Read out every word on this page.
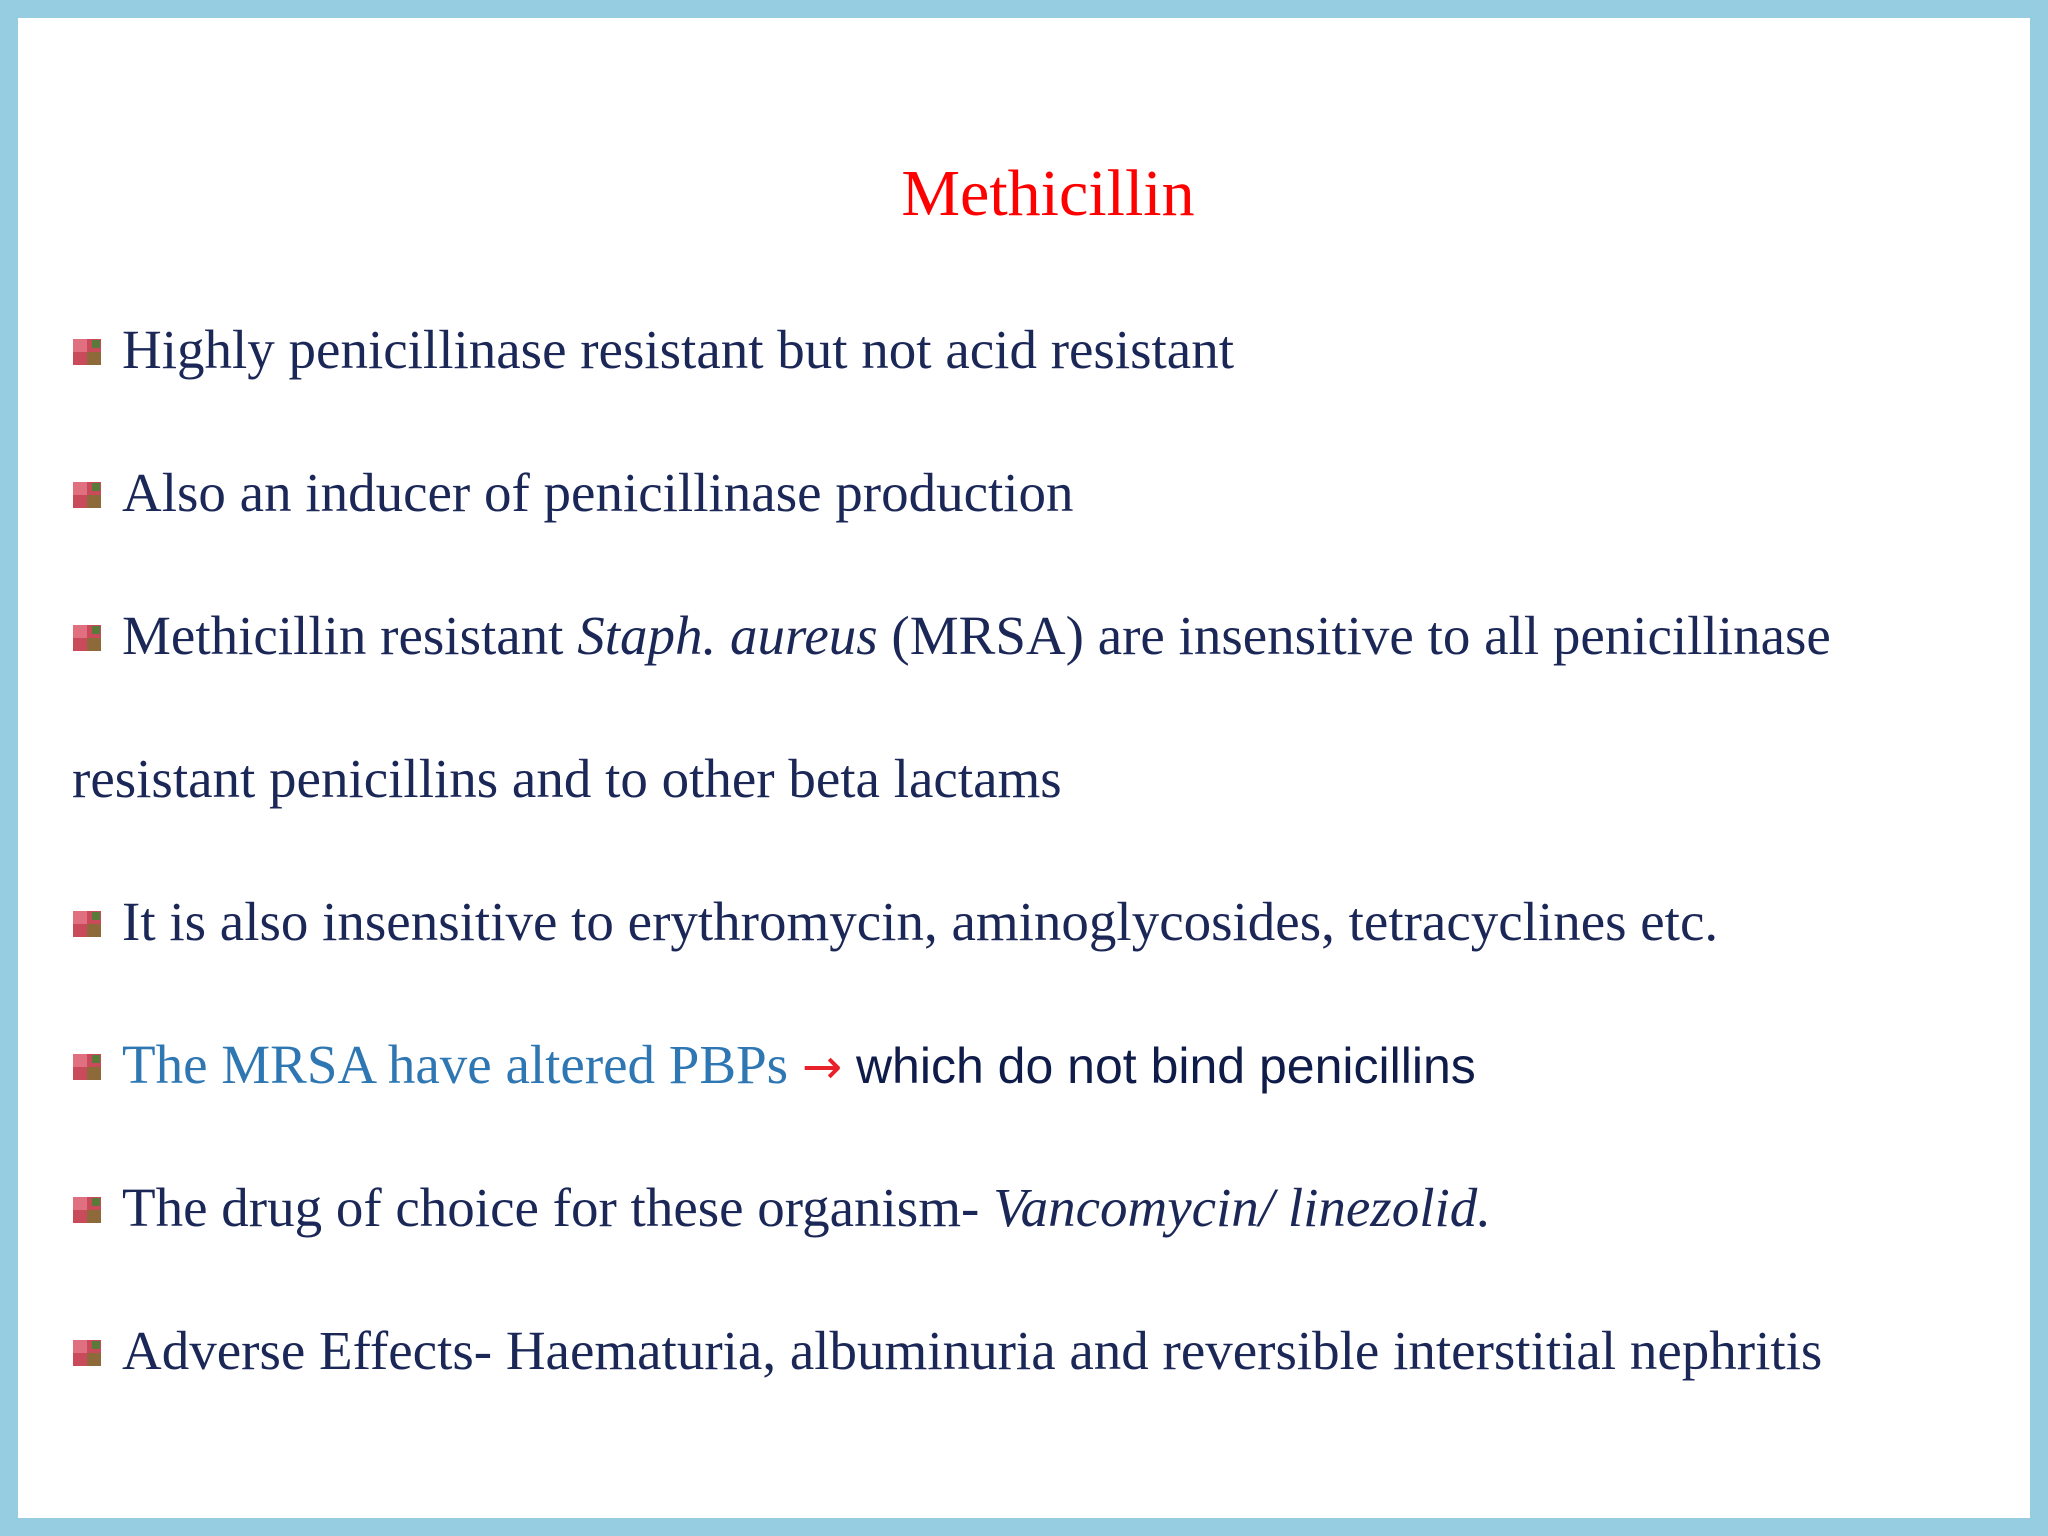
Methicillin
Highly penicillinase resistant but not acid resistant
Also an inducer of penicillinase production
Methicillin resistant Staph. aureus (MRSA) are insensitive to all penicillinase
resistant penicillins and to other beta lactams
It is also insensitive to erythromycin, aminoglycosides, tetracyclines etc.
The MRSA have altered PBPs → which do not bind penicillins
The drug of choice for these organism- Vancomycin/ linezolid.
Adverse Effects- Haematuria, albuminuria and reversible interstitial nephritis
